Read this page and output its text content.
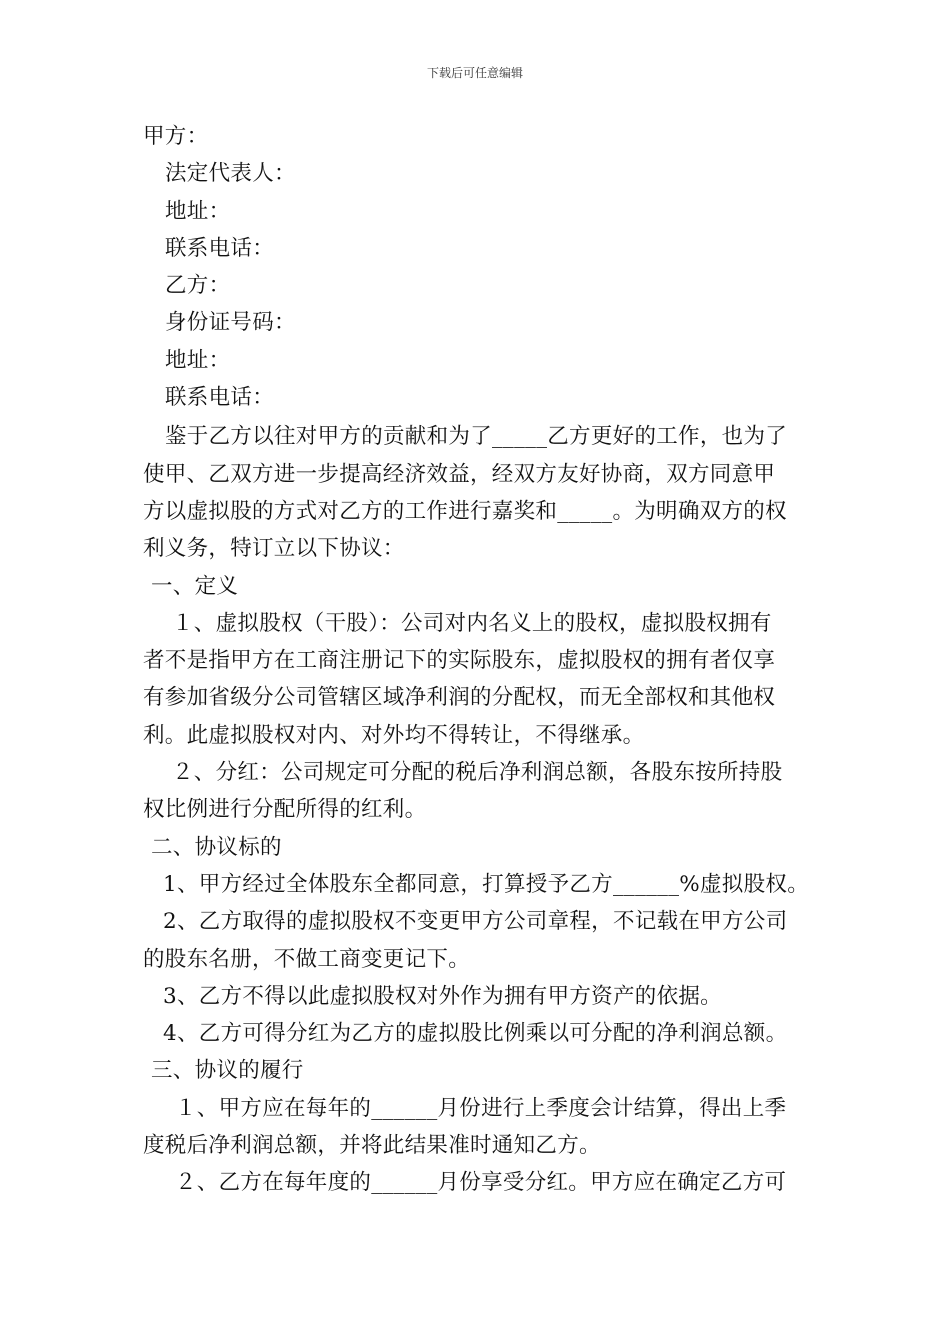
下载后可任意编辑
甲方：
法定代表人：
地址：
联系电话：
乙方：
身份证号码：
地址：
联系电话：
鉴于乙方以往对甲方的贡献和为了_____乙方更好的工作，也为了
使甲、乙双方进一步提高经济效益，经双方友好协商，双方同意甲
方以虚拟股的方式对乙方的工作进行嘉奖和_____。为明确双方的权
利义务，特订立以下协议：
一、定义
１、虚拟股权（干股）：公司对内名义上的股权，虚拟股权拥有
者不是指甲方在工商注册记下的实际股东，虚拟股权的拥有者仅享
有参加省级分公司管辖区域净利润的分配权，而无全部权和其他权
利。此虚拟股权对内、对外均不得转让，不得继承。
２、分红：公司规定可分配的税后净利润总额，各股东按所持股
权比例进行分配所得的红利。
二、协议标的
1、甲方经过全体股东全都同意，打算授予乙方______%虚拟股权。
2、乙方取得的虚拟股权不变更甲方公司章程，不记载在甲方公司
的股东名册，不做工商变更记下。
3、乙方不得以此虚拟股权对外作为拥有甲方资产的依据。
4、乙方可得分红为乙方的虚拟股比例乘以可分配的净利润总额。
三、协议的履行
１、甲方应在每年的______月份进行上季度会计结算，得出上季
度税后净利润总额，并将此结果准时通知乙方。
２、乙方在每年度的______月份享受分红。甲方应在确定乙方可
